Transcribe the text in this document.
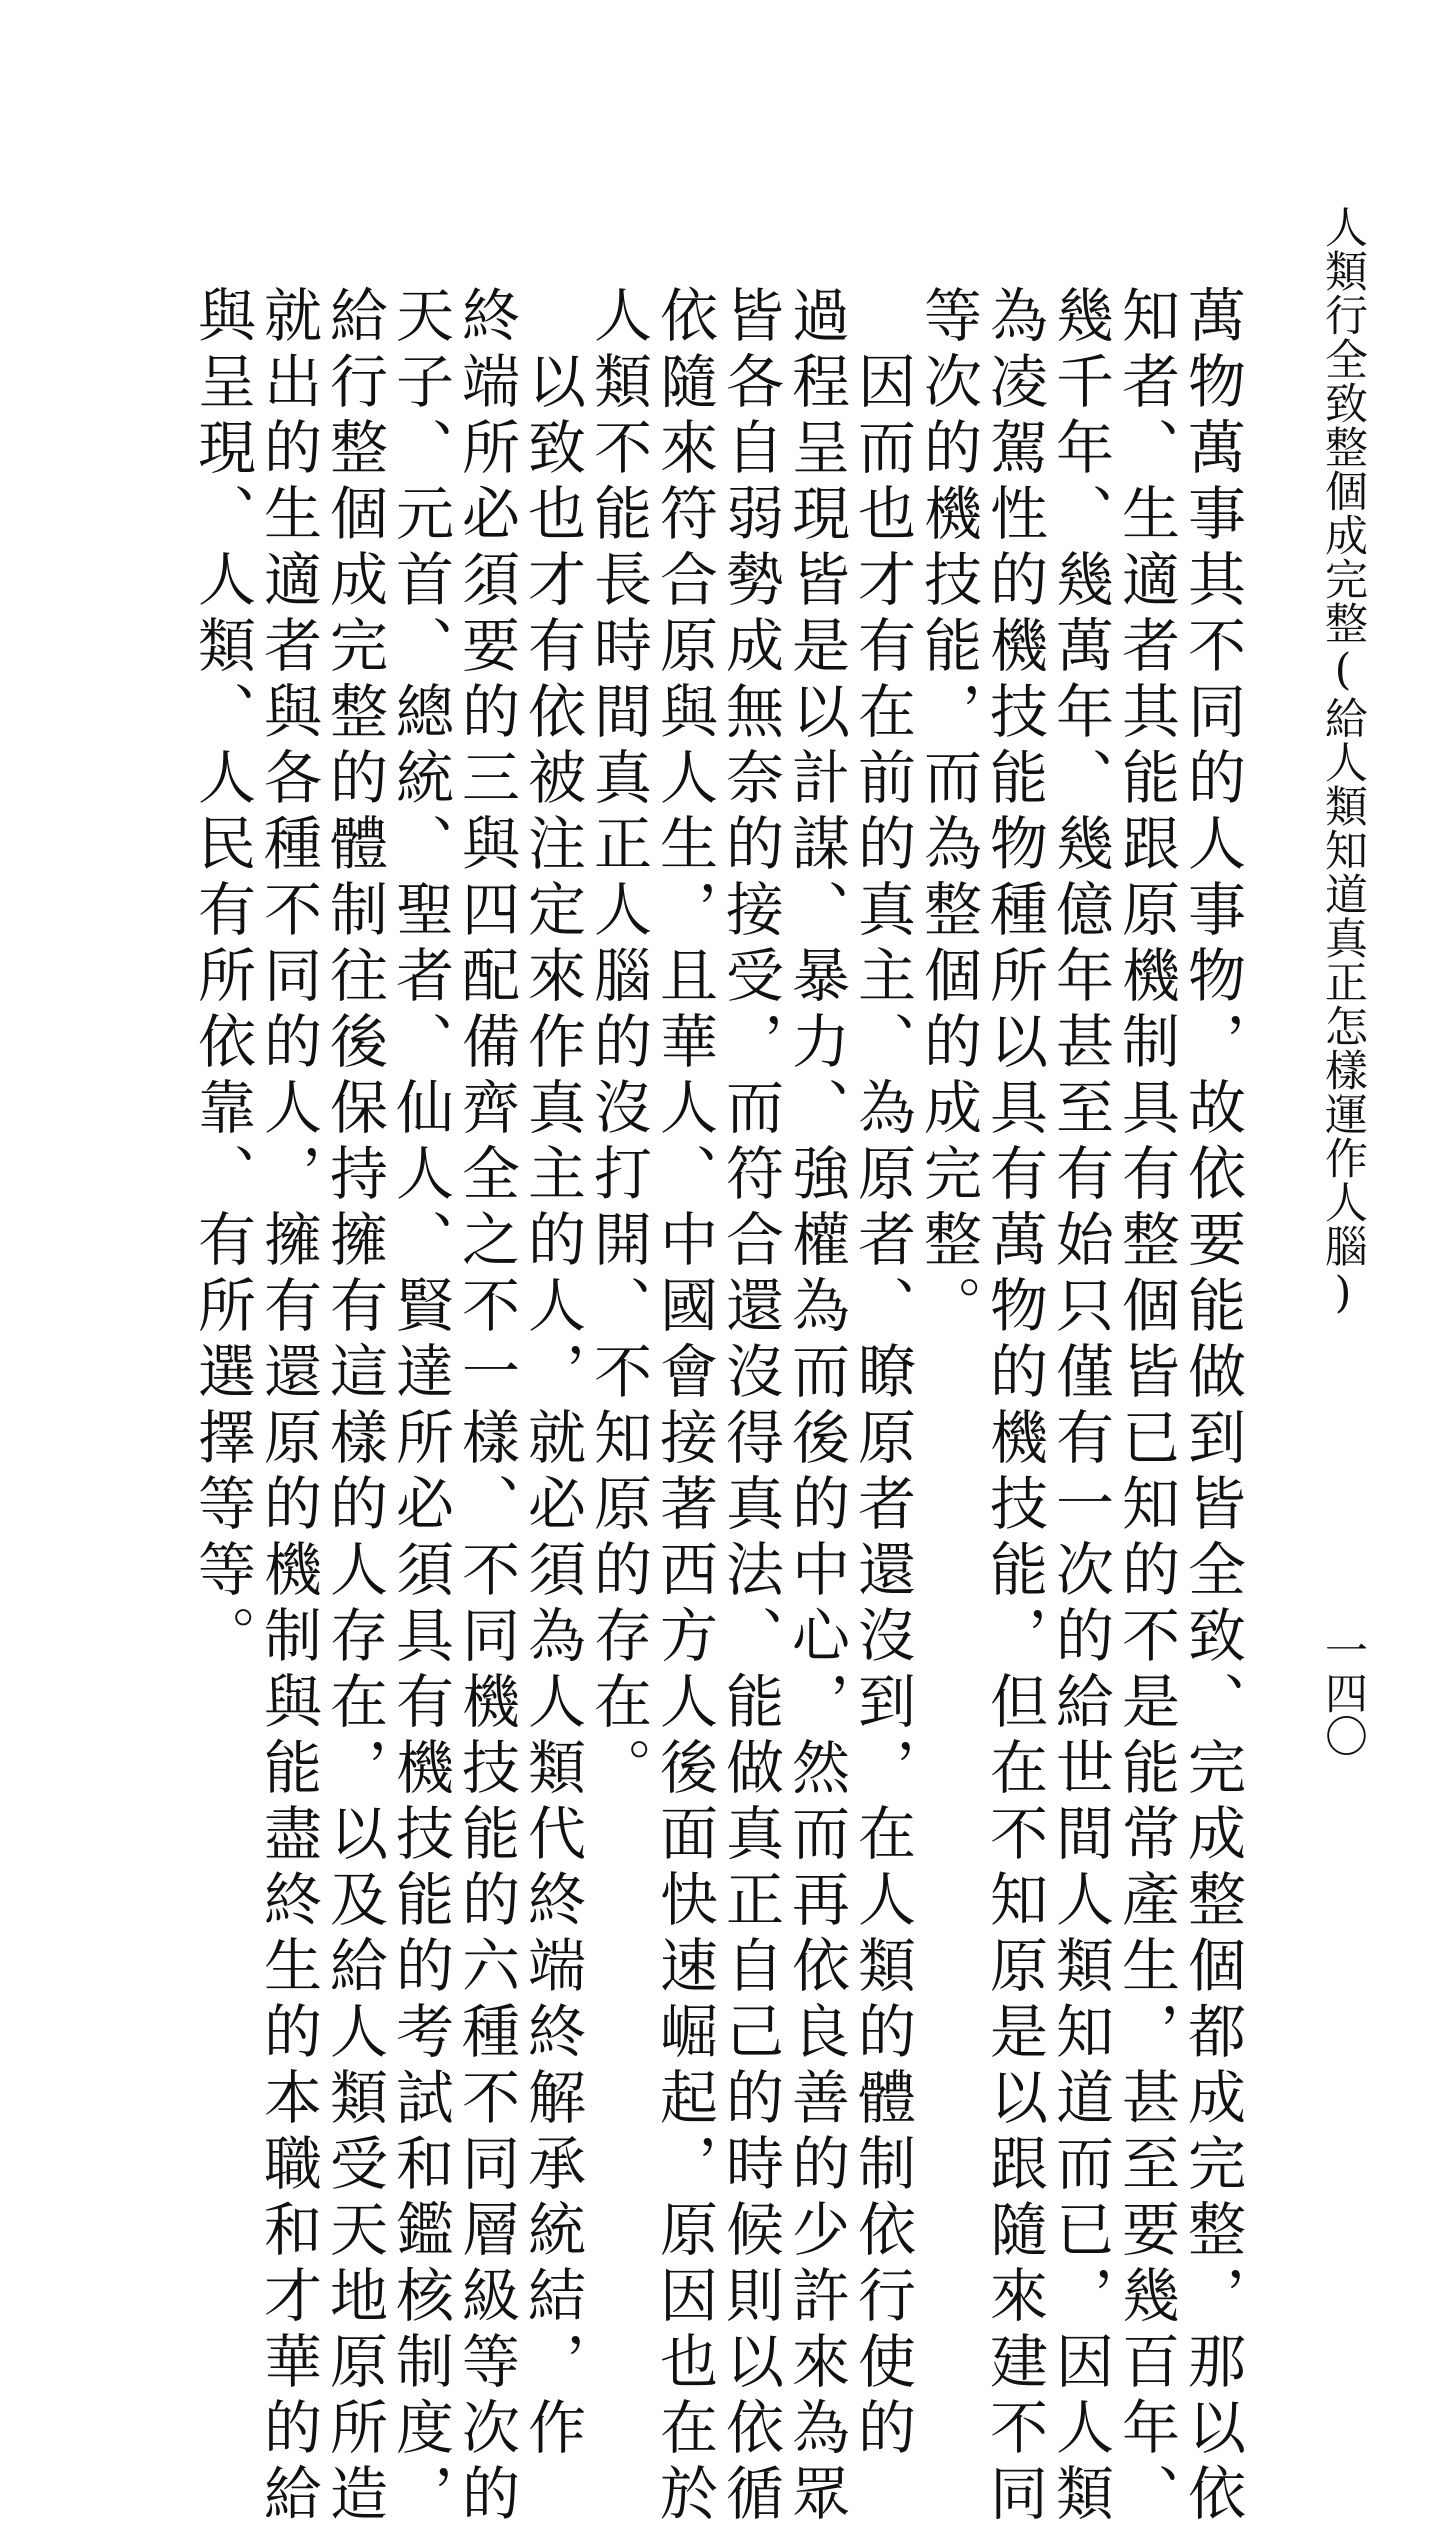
人類行全致整個成完整(給人類知道真正怎樣運作人腦)
一四〇
萬物萬事其不同的人事物，故依要能做到皆全致、完成整個都成完整，那以依
知者、生適者其能跟原機制具有整個皆已知的不是能常產生，甚至要幾百年、
幾千年、幾萬年、幾億年甚至有始只僅有一次的給世間人類知道而已，因人類
為凌駕性的機技能物種所以具有萬物的機技能，但在不知原是以跟隨來建不同
等次的機技能，而為整個的成完整。
　因而也才有在前的真主、為原者、瞭原者還沒到，在人類的體制依行使的
過程呈現皆是以計謀、暴力、強權為而後的中心，然而再依良善的少許來為眾
皆各自弱勢成無奈的接受，而符合還沒得真法、能做真正自己的時候則以依循
依隨來符合原與人生，且華人、中國會接著西方人後面快速崛起，原因也在於
人類不能長時間真正人腦的沒打開、不知原的存在。
　以致也才有依被注定來作真主的人，就必須為人類代終端終解承統結，作
終端所必須要的三與四配備齊全之不一樣、不同機技能的六種不同層級等次的
天子、元首、總統、聖者、仙人、賢達所必須具有機技能的考試和鑑核制度，
給行整個成完整的體制往後保持擁有這樣的人存在，以及給人類受天地原所造
就出的生適者與各種不同的人，擁有還原的機制與能盡終生的本職和才華的給
與呈現、人類、人民有所依靠、有所選擇等等。
